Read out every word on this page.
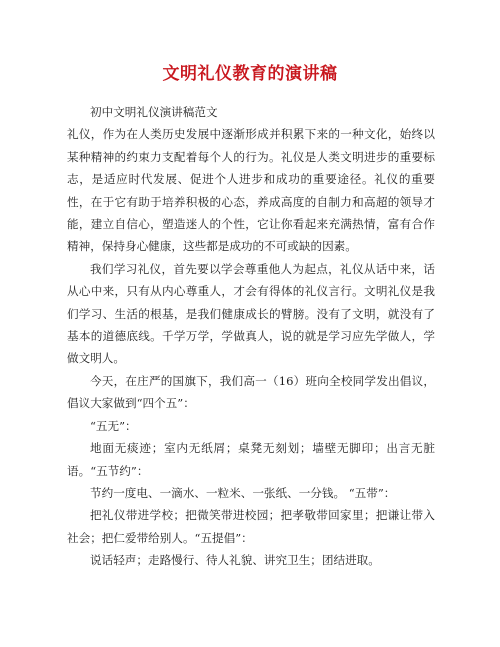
文明礼仪教育的演讲稿

初中文明礼仪演讲稿范文

礼仪，作为在人类历史发展中逐渐形成并积累下来的一种文化，始终以某种精神的约束力支配着每个人的行为。礼仪是人类文明进步的重要标志，是适应时代发展、促进个人进步和成功的重要途径。礼仪的重要性，在于它有助于培养积极的心态，养成高度的自制力和高超的领导才能，建立自信心，塑造迷人的个性，它让你看起来充满热情，富有合作精神，保持身心健康，这些都是成功的不可或缺的因素。

我们学习礼仪，首先要以学会尊重他人为起点，礼仪从话中来，话从心中来，只有从内心尊重人，才会有得体的礼仪言行。文明礼仪是我们学习、生活的根基，是我们健康成长的臂膀。没有了文明，就没有了基本的道德底线。千学万学，学做真人，说的就是学习应先学做人，学做文明人。

今天，在庄严的国旗下，我们高一（16）班向全校同学发出倡议，倡议大家做到“四个五”：

“五无”：

地面无痰迹；室内无纸屑；桌凳无刻划；墙壁无脚印；出言无脏语。“五节约”：

节约一度电、一滴水、一粒米、一张纸、一分钱。 “五带”：

把礼仪带进学校；把微笑带进校园；把孝敬带回家里；把谦让带入社会；把仁爱带给别人。“五提倡”：

说话轻声；走路慢行、待人礼貌、讲究卫生；团结进取。
